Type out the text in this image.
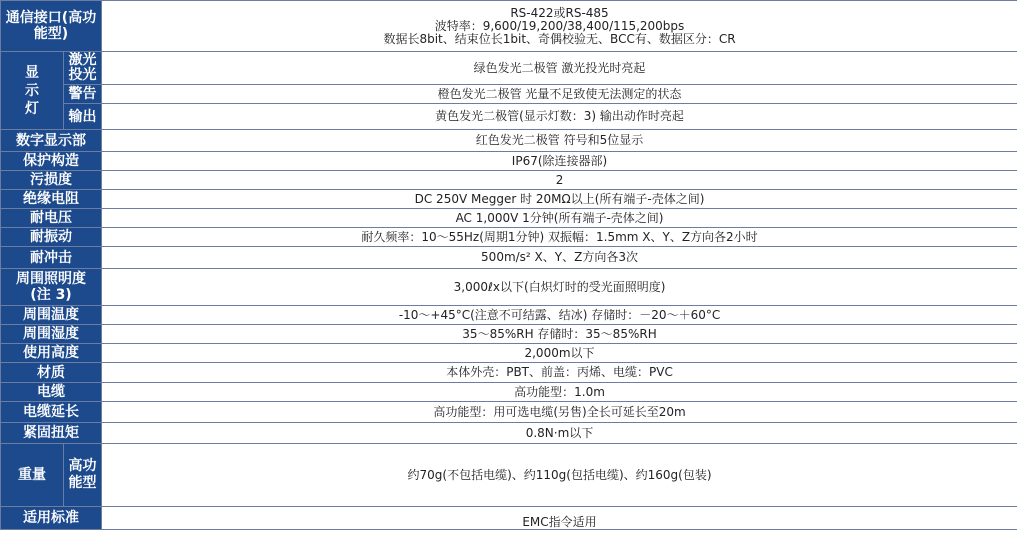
通信接口(高功能型)		RS-422或RS-485
波特率：9,600/19,200/38,400/115,200bps
数据长8bit、结束位长1bit、奇偶校验无、BCC有、数据区分：CR

显示灯	激光投光	绿色发光二极管 激光投光时亮起
	警告	橙色发光二极管 光量不足致使无法测定的状态
	输出	黄色发光二极管(显示灯数：3) 输出动作时亮起
数字显示部		红色发光二极管 符号和5位显示
保护构造		IP67(除连接器部)
污损度		2
绝缘电阻		DC 250V Megger 时 20MΩ以上(所有端子-壳体之间)
耐电压		AC 1,000V 1分钟(所有端子-壳体之间)
耐振动		耐久频率：10～55Hz(周期1分钟) 双振幅：1.5mm X、Y、Z方向各2小时
耐冲击		500m/s² X、Y、Z方向各3次

周围照明度
(注 3)		3,000ℓx以下(白炽灯时的受光面照明度)
周围温度		-10～+45°C(注意不可结露、结冰) 存储时：－20～＋60°C
周围湿度		35～85%RH 存储时：35～85%RH
使用高度		2,000m以下
材质		本体外壳：PBT、前盖：丙烯、电缆：PVC
电缆		高功能型：1.0m
电缆延长		高功能型：用可选电缆(另售)全长可延长至20m
紧固扭矩		0.8N·m以下
重量	高功能型	约70g(不包括电缆)、约110g(包括电缆)、约160g(包装)
适用标准		EMC指令适用
